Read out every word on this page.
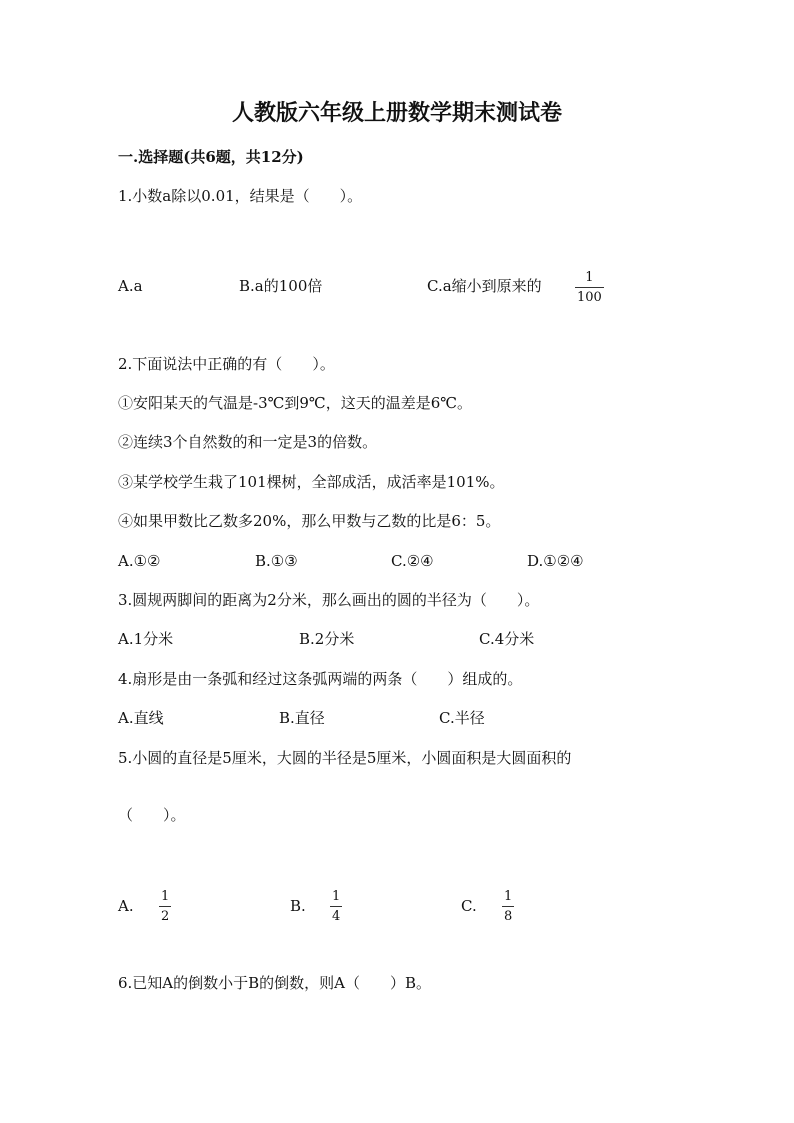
人教版六年级上册数学期末测试卷
一.选择题(共6题，共12分)
1.小数a除以0.01，结果是（　　）。
A.a	B.a的100倍	C.a缩小到原来的	1
100
2.下面说法中正确的有（　　）。
①安阳某天的气温是-3℃到9℃，这天的温差是6℃。
②连续3个自然数的和一定是3的倍数。
③某学校学生栽了101棵树，全部成活，成活率是101%。
④如果甲数比乙数多20%，那么甲数与乙数的比是6：5。
A.①②	B.①③	C.②④	D.①②④
3.圆规两脚间的距离为2分米，那么画出的圆的半径为（　　）。
A.1分米	B.2分米	C.4分米
4.扇形是由一条弧和经过这条弧两端的两条（　　）组成的。
A.直线	B.直径	C.半径
5.小圆的直径是5厘米，大圆的半径是5厘米，小圆面积是大圆面积的
（　　）。
A.
1
2
B.
1
4
C.
1
8
6.已知A的倒数小于B的倒数，则A（　　）B。
